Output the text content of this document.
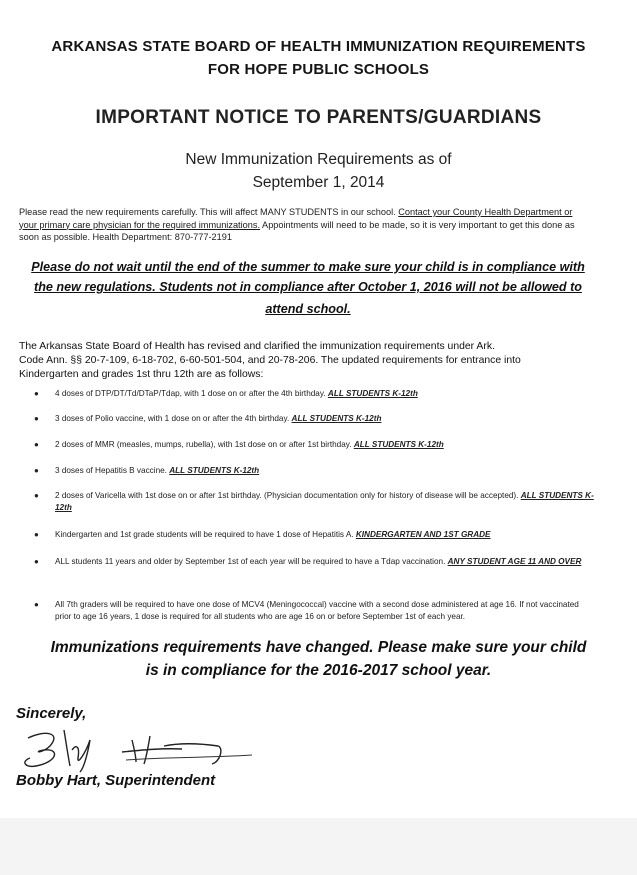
ARKANSAS STATE BOARD OF HEALTH IMMUNIZATION REQUIREMENTS
FOR HOPE PUBLIC SCHOOLS
IMPORTANT NOTICE TO PARENTS/GUARDIANS
New Immunization Requirements as of
September 1, 2014
Please read the new requirements carefully. This will affect MANY STUDENTS in our school. Contact your County Health Department or your primary care physician for the required immunizations. Appointments will need to be made, so it is very important to get this done as soon as possible. Health Department: 870-777-2191
Please do not wait until the end of the summer to make sure your child is in compliance with
the new regulations. Students not in compliance after October 1, 2016 will not be allowed to
attend school.
The Arkansas State Board of Health has revised and clarified the immunization requirements under Ark.
Code Ann. §§ 20-7-109, 6-18-702, 6-60-501-504, and 20-78-206. The updated requirements for entrance into
Kindergarten and grades 1st thru 12th are as follows:
● 4 doses of DTP/DT/Td/DTaP/Tdap, with 1 dose on or after the 4th birthday. ALL STUDENTS K-12th
● 3 doses of Polio vaccine, with 1 dose on or after the 4th birthday. ALL STUDENTS K-12th
● 2 doses of MMR (measles, mumps, rubella), with 1st dose on or after 1st birthday. ALL STUDENTS K-12th
● 3 doses of Hepatitis B vaccine. ALL STUDENTS K-12th
● 2 doses of Varicella with 1st dose on or after 1st birthday. (Physician documentation only for history of disease will be accepted). ALL STUDENTS K-12th
● Kindergarten and 1st grade students will be required to have 1 dose of Hepatitis A. KINDERGARTEN AND 1ST GRADE
● ALL students 11 years and older by September 1st of each year will be required to have a Tdap vaccination. ANY STUDENT AGE 11 AND OVER
● All 7th graders will be required to have one dose of MCV4 (Meningococcal) vaccine with a second dose administered at age 16. If not vaccinated prior to age 16 years, 1 dose is required for all students who are age 16 on or before September 1st of each year.
Immunizations requirements have changed. Please make sure your child
is in compliance for the 2016-2017 school year.
Sincerely,
Bobby Hart, Superintendent
